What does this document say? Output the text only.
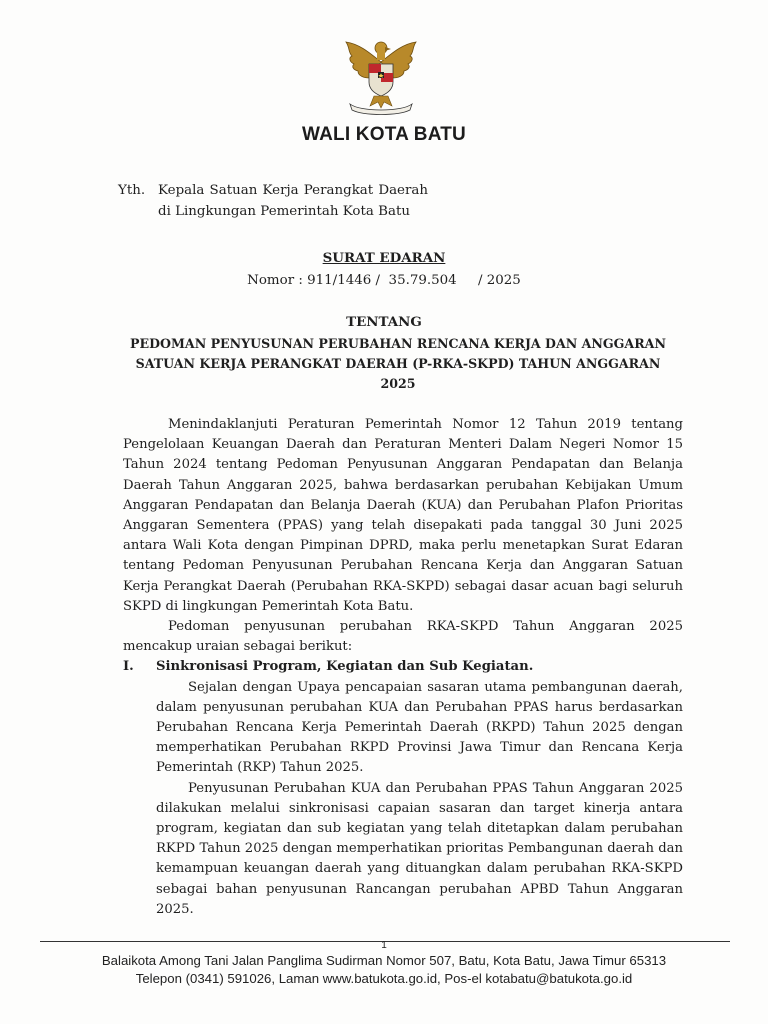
WALI KOTA BATU
Yth. Kepala Satuan Kerja Perangkat Daerah di Lingkungan Pemerintah Kota Batu
SURAT EDARAN
Nomor : 911/1446 /  35.79.504     / 2025
TENTANG
PEDOMAN PENYUSUNAN PERUBAHAN RENCANA KERJA DAN ANGGARAN
SATUAN KERJA PERANGKAT DAERAH (P-RKA-SKPD) TAHUN ANGGARAN
2025

Menindaklanjuti Peraturan Pemerintah Nomor 12 Tahun 2019 tentang Pengelolaan Keuangan Daerah dan Peraturan Menteri Dalam Negeri Nomor 15 Tahun 2024 tentang Pedoman Penyusunan Anggaran Pendapatan dan Belanja Daerah Tahun Anggaran 2025, bahwa berdasarkan perubahan Kebijakan Umum Anggaran Pendapatan dan Belanja Daerah (KUA) dan Perubahan Plafon Prioritas Anggaran Sementera (PPAS) yang telah disepakati pada tanggal 30 Juni 2025 antara Wali Kota dengan Pimpinan DPRD, maka perlu menetapkan Surat Edaran tentang Pedoman Penyusunan Perubahan Rencana Kerja dan Anggaran Satuan Kerja Perangkat Daerah (Perubahan RKA-SKPD) sebagai dasar acuan bagi seluruh SKPD di lingkungan Pemerintah Kota Batu.

Pedoman penyusunan perubahan RKA-SKPD Tahun Anggaran 2025 mencakup uraian sebagai berikut:

I.	Sinkronisasi Program, Kegiatan dan Sub Kegiatan.

Sejalan dengan Upaya pencapaian sasaran utama pembangunan daerah, dalam penyusunan perubahan KUA dan Perubahan PPAS harus berdasarkan Perubahan Rencana Kerja Pemerintah Daerah (RKPD) Tahun 2025 dengan memperhatikan Perubahan RKPD Provinsi Jawa Timur dan Rencana Kerja Pemerintah (RKP) Tahun 2025.

Penyusunan Perubahan KUA dan Perubahan PPAS Tahun Anggaran 2025 dilakukan melalui sinkronisasi capaian sasaran dan target kinerja antara program, kegiatan dan sub kegiatan yang telah ditetapkan dalam perubahan RKPD Tahun 2025 dengan memperhatikan prioritas Pembangunan daerah dan kemampuan keuangan daerah yang dituangkan dalam perubahan RKA-SKPD sebagai bahan penyusunan Rancangan perubahan APBD Tahun Anggaran 2025.

1
Balaikota Among Tani Jalan Panglima Sudirman Nomor 507, Batu, Kota Batu, Jawa Timur 65313
Telepon (0341) 591026, Laman www.batukota.go.id, Pos-el kotabatu@batukota.go.id
